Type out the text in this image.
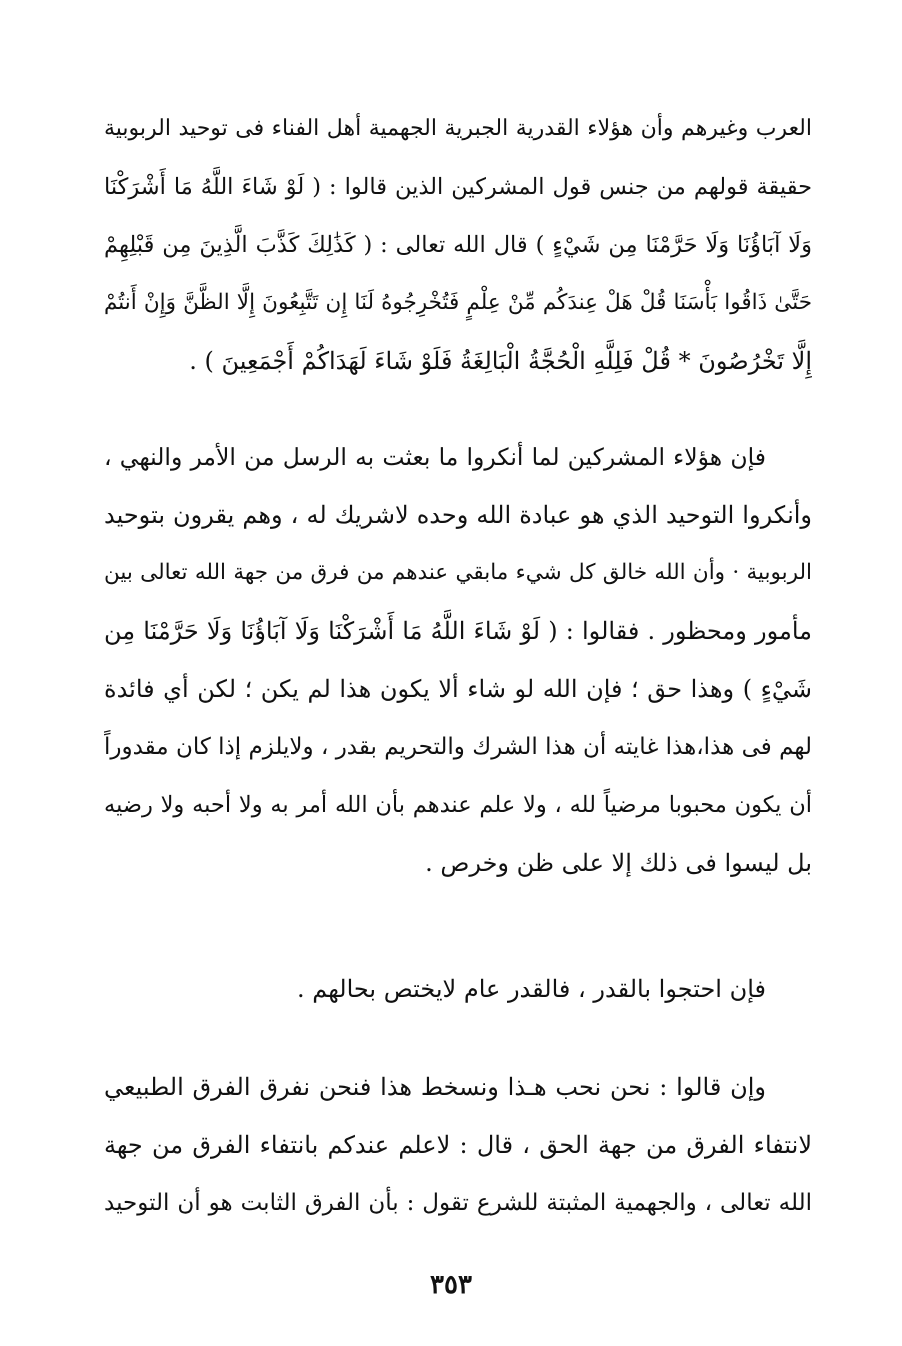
العرب وغيرهم وأن هؤلاء القدرية الجبرية الجهمية أهل الفناء فى توحيد الربوبية
حقيقة قولهم من جنس قول المشركين الذين قالوا : ( لَوْ شَاءَ اللَّهُ مَا أَشْرَكْنَا
وَلَا آبَاؤُنَا وَلَا حَرَّمْنَا مِن شَيْءٍ ) قال الله تعالى : ( كَذَٰلِكَ كَذَّبَ الَّذِينَ مِن قَبْلِهِمْ
حَتَّىٰ ذَاقُوا بَأْسَنَا قُلْ هَلْ عِندَكُم مِّنْ عِلْمٍ فَتُخْرِجُوهُ لَنَا إِن تَتَّبِعُونَ إِلَّا الظَّنَّ وَإِنْ أَنتُمْ
إِلَّا تَخْرُصُونَ * قُلْ فَلِلَّهِ الْحُجَّةُ الْبَالِغَةُ فَلَوْ شَاءَ لَهَدَاكُمْ أَجْمَعِينَ ) .
فإن هؤلاء المشركين لما أنكروا ما بعثت به الرسل من الأمر والنهي ،
وأنكروا التوحيد الذي هو عبادة الله وحده لاشريك له ، وهم يقرون بتوحيد
الربوبية · وأن الله خالق كل شيء مابقي عندهم من فرق من جهة الله تعالى بين
مأمور ومحظور . فقالوا : ( لَوْ شَاءَ اللَّهُ مَا أَشْرَكْنَا وَلَا آبَاؤُنَا وَلَا حَرَّمْنَا مِن
شَيْءٍ ) وهذا حق ؛ فإن الله لو شاء ألا يكون هذا لم يكن ؛ لكن أي فائدة
لهم فى هذا،هذا غايته أن هذا الشرك والتحريم بقدر ، ولايلزم إذا كان مقدوراً
أن يكون محبوبا مرضياً لله ، ولا علم عندهم بأن الله أمر به ولا أحبه ولا رضيه
بل ليسوا فى ذلك إلا على ظن وخرص .
فإن احتجوا بالقدر ، فالقدر عام لايختص بحالهم .
وإن قالوا : نحن نحب هـذا ونسخط هذا فنحن نفرق الفرق الطبيعي
لانتفاء الفرق من جهة الحق ، قال : لاعلم عندكم بانتفاء الفرق من جهة
الله تعالى ، والجهمية المثبتة للشرع تقول : بأن الفرق الثابت هو أن التوحيد
٣٥٣
